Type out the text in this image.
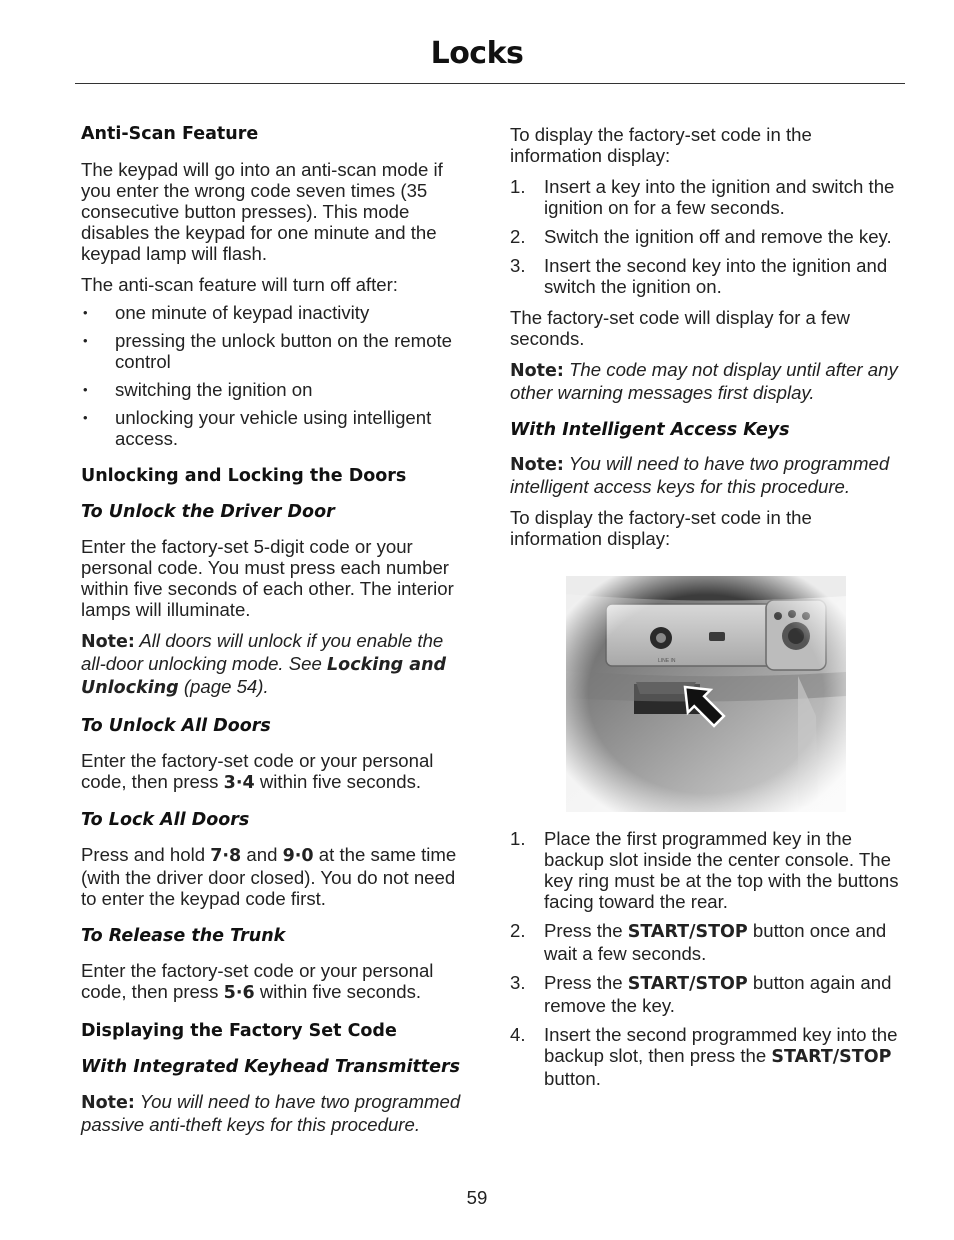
Locks
Anti-Scan Feature
The keypad will go into an anti-scan mode if you enter the wrong code seven times (35 consecutive button presses). This mode disables the keypad for one minute and the keypad lamp will flash.
The anti-scan feature will turn off after:
• one minute of keypad inactivity
• pressing the unlock button on the remote control
• switching the ignition on
• unlocking your vehicle using intelligent access.
Unlocking and Locking the Doors
To Unlock the Driver Door
Enter the factory-set 5-digit code or your personal code. You must press each number within five seconds of each other. The interior lamps will illuminate.
Note: All doors will unlock if you enable the all-door unlocking mode. See Locking and Unlocking (page 54).
To Unlock All Doors
Enter the factory-set code or your personal code, then press 3·4 within five seconds.
To Lock All Doors
Press and hold 7·8 and 9·0 at the same time (with the driver door closed). You do not need to enter the keypad code first.
To Release the Trunk
Enter the factory-set code or your personal code, then press 5·6 within five seconds.
Displaying the Factory Set Code
With Integrated Keyhead Transmitters
Note: You will need to have two programmed passive anti-theft keys for this procedure.
To display the factory-set code in the information display:
1. Insert a key into the ignition and switch the ignition on for a few seconds.
2. Switch the ignition off and remove the key.
3. Insert the second key into the ignition and switch the ignition on.
The factory-set code will display for a few seconds.
Note: The code may not display until after any other warning messages first display.
With Intelligent Access Keys
Note: You will need to have two programmed intelligent access keys for this procedure.
To display the factory-set code in the information display:
1. Place the first programmed key in the backup slot inside the center console. The key ring must be at the top with the buttons facing toward the rear.
2. Press the START/STOP button once and wait a few seconds.
3. Press the START/STOP button again and remove the key.
4. Insert the second programmed key into the backup slot, then press the START/STOP button.
59
